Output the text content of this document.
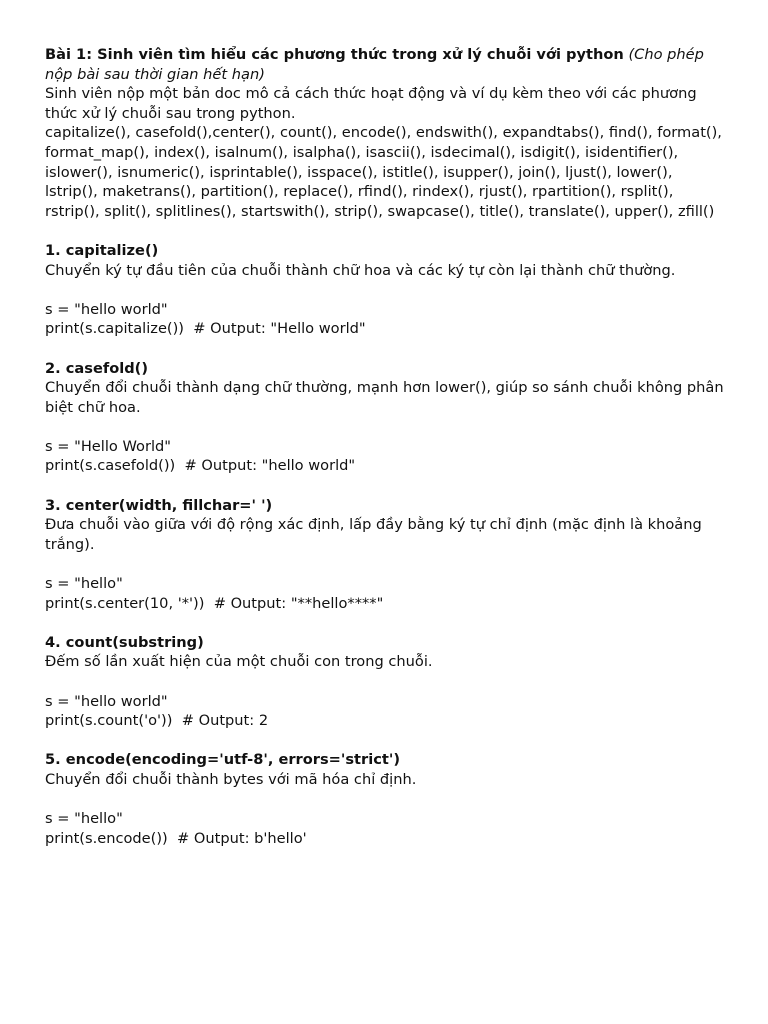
Bài 1: Sinh viên tìm hiểu các phương thức trong xử lý chuỗi với python (Cho phép nộp bài sau thời gian hết hạn)

Sinh viên nộp một bản doc mô cả cách thức hoạt động và ví dụ kèm theo với các phương thức xử lý chuỗi sau trong python.

capitalize(), casefold(),center(), count(), encode(), endswith(), expandtabs(), find(), format(), format_map(), index(), isalnum(), isalpha(), isascii(), isdecimal(), isdigit(), isidentifier(), islower(), isnumeric(), isprintable(), isspace(), istitle(), isupper(), join(), ljust(), lower(), lstrip(), maketrans(), partition(), replace(), rfind(), rindex(), rjust(), rpartition(), rsplit(), rstrip(), split(), splitlines(), startswith(), strip(), swapcase(), title(), translate(), upper(), zfill()

1. capitalize()

Chuyển ký tự đầu tiên của chuỗi thành chữ hoa và các ký tự còn lại thành chữ thường.

s = "hello world"

print(s.capitalize())  # Output: "Hello world"

2. casefold()

Chuyển đổi chuỗi thành dạng chữ thường, mạnh hơn lower(), giúp so sánh chuỗi không phân biệt chữ hoa.

s = "Hello World"

print(s.casefold())  # Output: "hello world"

3. center(width, fillchar=' ')

Đưa chuỗi vào giữa với độ rộng xác định, lấp đầy bằng ký tự chỉ định (mặc định là khoảng trắng).

s = "hello"

print(s.center(10, '*'))  # Output: "**hello****"

4. count(substring)

Đếm số lần xuất hiện của một chuỗi con trong chuỗi.

s = "hello world"

print(s.count('o'))  # Output: 2

5. encode(encoding='utf-8', errors='strict')

Chuyển đổi chuỗi thành bytes với mã hóa chỉ định.

s = "hello"

print(s.encode())  # Output: b'hello'
